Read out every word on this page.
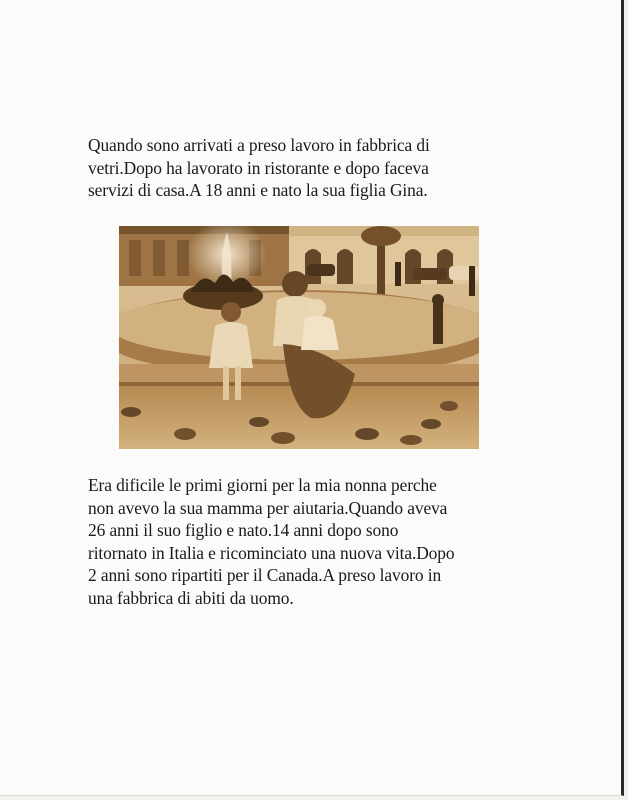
Quando sono arrivati a preso lavoro in fabbrica di
vetri.Dopo ha lavorato in ristorante e dopo faceva
servizi di casa.A 18 anni e nato la sua figlia Gina.

Era dificile le primi giorni per la mia nonna perche
non avevo la sua mamma per aiutaria.Quando aveva
26 anni il suo figlio e nato.14 anni dopo sono
ritornato in Italia e ricominciato una nuova vita.Dopo
2 anni sono ripartiti per il Canada.A preso lavoro in
una fabbrica di abiti da uomo.
